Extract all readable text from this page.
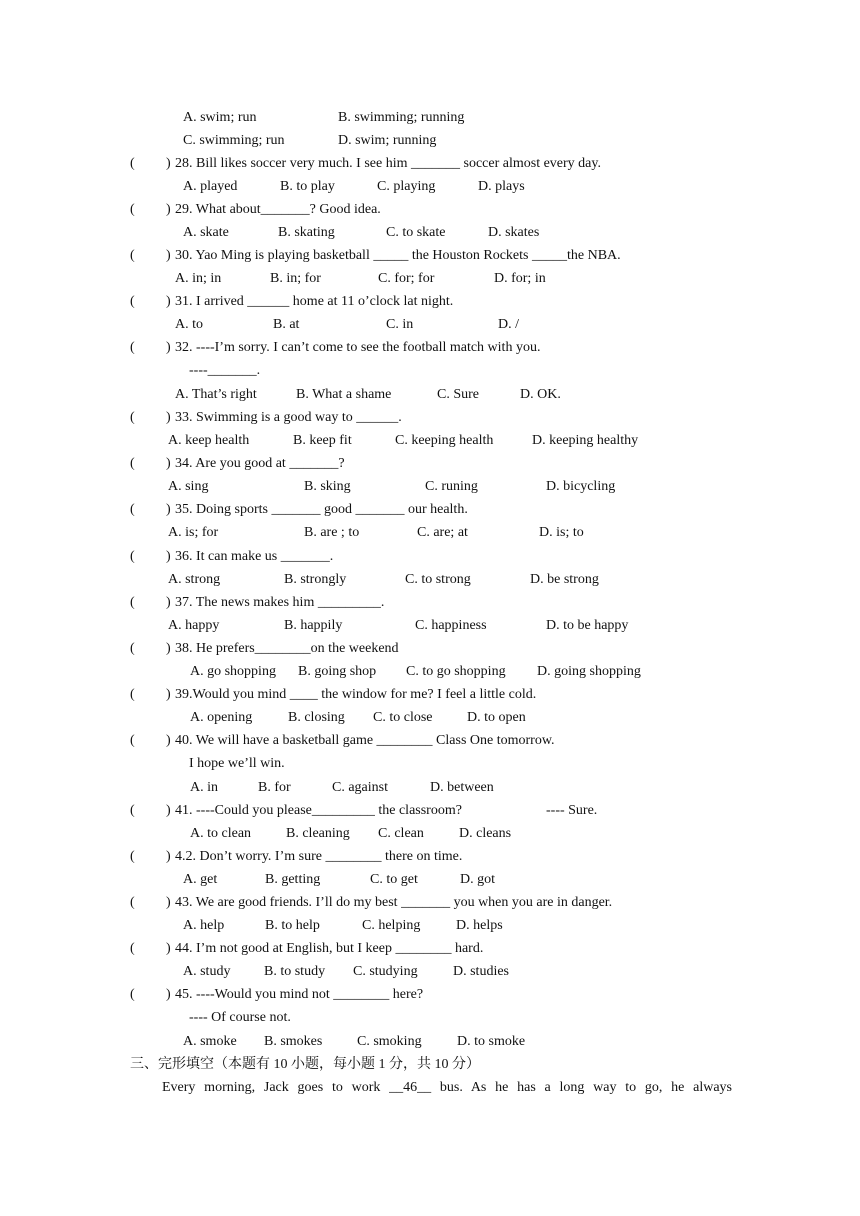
A. swim; run	B. swimming; running
C. swimming; run	D. swim; running
( ) 28. Bill likes soccer very much. I see him _______ soccer almost every day.
A. played	B. to play	C. playing	D. plays
( ) 29. What about_______? Good idea.
A. skate	B. skating	C. to skate	D. skates
( ) 30. Yao Ming is playing basketball _____ the Houston Rockets _____the NBA.
A. in; in	B. in; for	C. for; for	D. for; in
( ) 31. I arrived ______ home at 11 o’clock lat night.
A. to	B. at	C. in	D. /
( ) 32. ----I’m sorry. I can’t come to see the football match with you.
----_______.
A. That’s right	B. What a shame	C. Sure	D. OK.
( ) 33. Swimming is a good way to ______.
A. keep health	B. keep fit	C. keeping health	D. keeping healthy
( ) 34. Are you good at _______?
A. sing	B. sking	C. runing	D. bicycling
( ) 35. Doing sports _______ good _______ our health.
A. is; for	B. are ; to	C. are; at	D. is; to
( ) 36. It can make us _______.
A. strong	B. strongly	C. to strong	D. be strong
( ) 37. The news makes him _________.
A. happy	B. happily	C. happiness	D. to be happy
( ) 38. He prefers________on the weekend
A. go shopping B. going shop C. to go shopping D. going shopping
( ) 39.Would you mind ____ the window for me? I feel a little cold.
A. opening	B. closing C. to close D. to open
( ) 40. We will have a basketball game ________ Class One tomorrow.
I hope we’ll win.
A. in	B. for	C. against	D. between
( ) 41. ----Could you please_________ the classroom?	---- Sure.
A. to clean B. cleaning C. clean	D. cleans
( ) 4.2. Don’t worry. I’m sure ________ there on time.
A. get	B. getting	C. to get	D. got
( ) 43. We are good friends. I’ll do my best _______ you when you are in danger.
A. help	B. to help	C. helping	D. helps
( ) 44. I’m not good at English, but I keep ________ hard.
A. study B. to study C. studying	D. studies
( ) 45. ----Would you mind not ________ here?
---- Of course not.
A. smoke B. smokes C. smoking	D. to smoke
三、完形填空（本题有 10 小题，每小题 1 分，共 10 分）
Every morning, Jack goes to work __46__ bus. As he has a long way to go, he always
